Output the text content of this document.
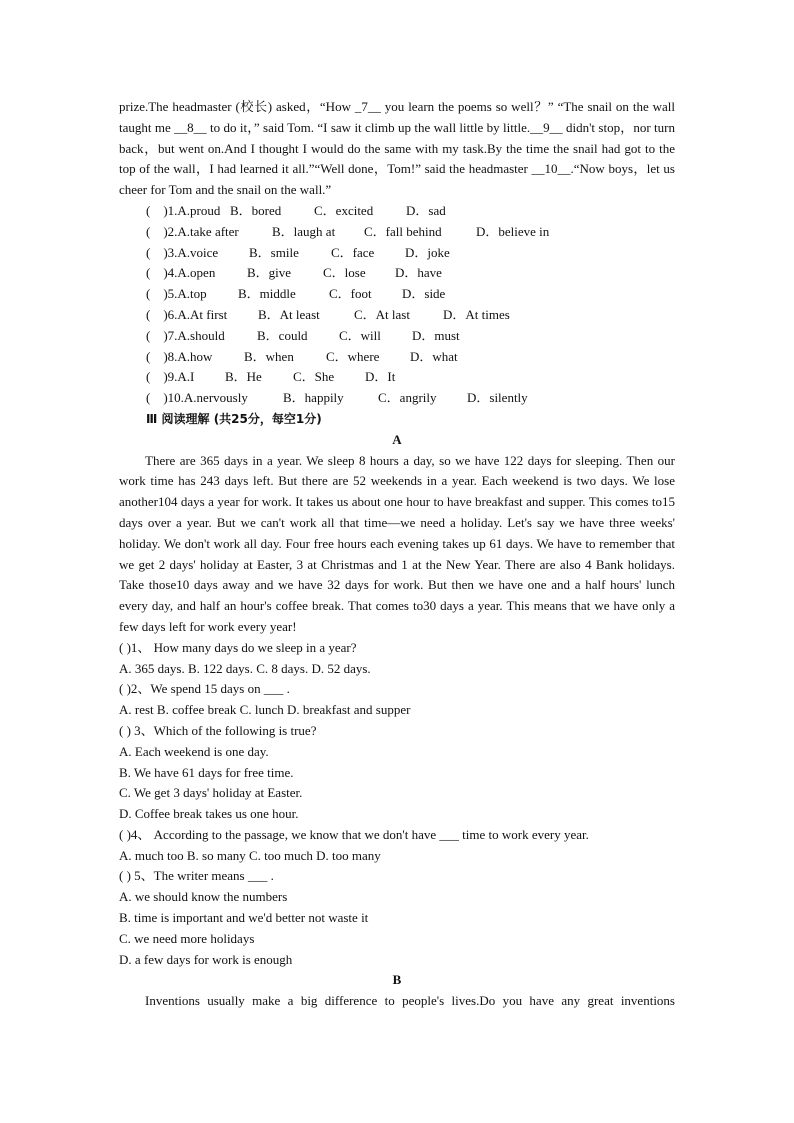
prize.The headmaster (校长) asked，“How _7__ you learn the poems so well？” “The snail on the wall taught me __8__ to do it，” said Tom. “I saw it climb up the wall little by little.__9__ didn't stop，nor turn back，but went on.And I thought I would do the same with my task.By the time the snail had got to the top of the wall，I had learned it all.”“Well done，Tom!” said the headmaster __10__.“Now boys，let us cheer for Tom and the snail on the wall.”

(　)1.A.proud B．bored	C．excited	D．sad
(　)2.A.take after	B．laugh at	C．fall behind	D．believe in
(　)3.A.voice	B．smile	C．face	D．joke
(　)4.A.open	B．give	C．lose	D．have
(　)5.A.top	B．middle	C．foot	D．side
(　)6.A.At first	B．At least	C．At last	D．At times
(　)7.A.should	B．could	C．will	D．must
(　)8.A.how	B．when	C．where	D．what
(　)9.A.I	B．He	C．She	D．It
(　)10.A.nervously	B．happily	C．angrily	D．silently
Ⅲ 阅读理解 (共25分，每空1分)
A

There are 365 days in a year. We sleep 8 hours a day, so we have 122 days for sleeping. Then our work time has 243 days left. But there are 52 weekends in a year. Each weekend is two days. We lose another104 days a year for work. It takes us about one hour to have breakfast and supper. This comes to15 days over a year. But we can't work all that time—we need a holiday. Let's say we have three weeks' holiday. We don't work all day. Four free hours each evening takes up 61 days. We have to remember that we get 2 days' holiday at Easter, 3 at Christmas and 1 at the New Year. There are also 4 Bank holidays. Take those10 days away and we have 32 days for work. But then we have one and a half hours' lunch every day, and half an hour's coffee break. That comes to30 days a year. This means that we have only a few days left for work every year!

( )1、 How many days do we sleep in a year?
A. 365 days. B. 122 days. C. 8 days. D. 52 days.
( )2、We spend 15 days on ___ .
A. rest B. coffee break C. lunch D. breakfast and supper
( ) 3、Which of the following is true?
A. Each weekend is one day.
B. We have 61 days for free time.
C. We get 3 days' holiday at Easter.
D. Coffee break takes us one hour.
( )4、 According to the passage, we know that we don't have ___ time to work every year.
A. much too B. so many C. too much D. too many
( ) 5、The writer means ___ .
A. we should know the numbers
B. time is important and we'd better not waste it
C. we need more holidays
D. a few days for work is enough
B

Inventions usually make a big difference to people's lives.Do you have any great inventions
